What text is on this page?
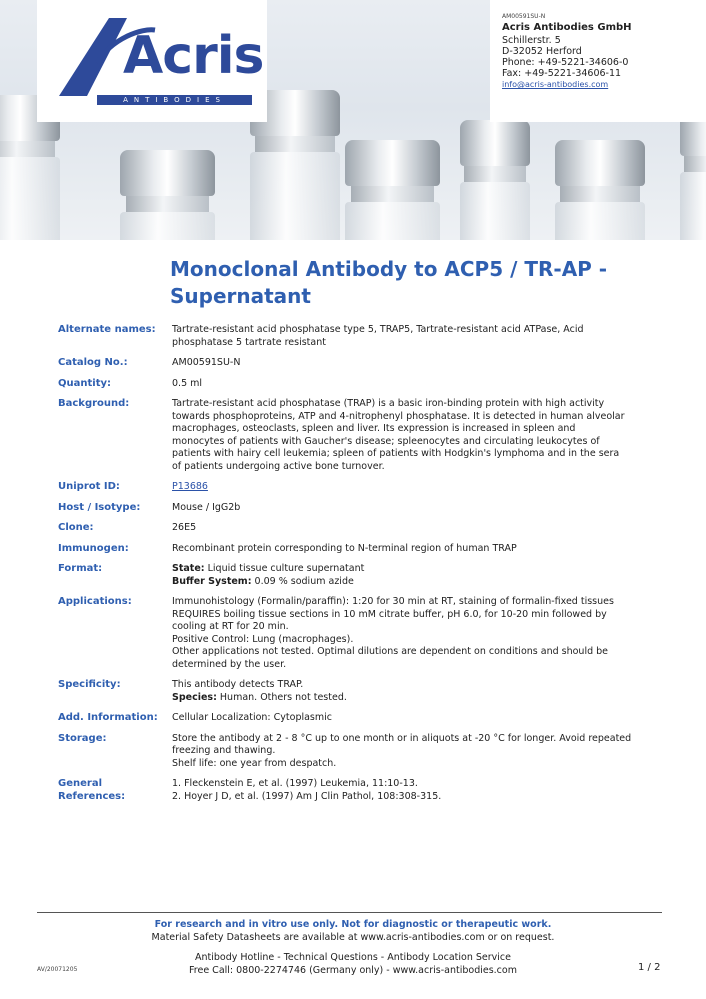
Acris
ANTIBODIES
AM00591SU-N
Acris Antibodies GmbH
Schillerstr. 5
D-32052 Herford
Phone: +49-5221-34606-0
Fax: +49-5221-34606-11
info@acris-antibodies.com
Monoclonal Antibody to ACP5 / TR-AP - Supernatant
Alternate names:	Tartrate-resistant acid phosphatase type 5, TRAP5, Tartrate-resistant acid ATPase, Acid
phosphatase 5 tartrate resistant
Catalog No.:	AM00591SU-N
Quantity:	0.5 ml
Background:	Tartrate-resistant acid phosphatase (TRAP) is a basic iron-binding protein with high activity
towards phosphoproteins, ATP and 4-nitrophenyl phosphatase. It is detected in human alveolar
macrophages, osteoclasts, spleen and liver. Its expression is increased in spleen and
monocytes of patients with Gaucher's disease; spleenocytes and circulating leukocytes of
patients with hairy cell leukemia; spleen of patients with Hodgkin's lymphoma and in the sera
of patients undergoing active bone turnover.
Uniprot ID:	P13686
Host / Isotype:	Mouse / IgG2b
Clone:	26E5
Immunogen:	Recombinant protein corresponding to N-terminal region of human TRAP
Format:	State: Liquid tissue culture supernatant
Buffer System: 0.09 % sodium azide
Applications:	Immunohistology (Formalin/paraffin): 1:20 for 30 min at RT, staining of formalin-fixed tissues
REQUIRES boiling tissue sections in 10 mM citrate buffer, pH 6.0, for 10-20 min followed by
cooling at RT for 20 min.
Positive Control: Lung (macrophages).
Other applications not tested. Optimal dilutions are dependent on conditions and should be
determined by the user.
Specificity:	This antibody detects TRAP.
Species: Human. Others not tested.
Add. Information:	Cellular Localization: Cytoplasmic
Storage:	Store the antibody at 2 - 8 °C up to one month or in aliquots at -20 °C for longer. Avoid repeated
freezing and thawing.
Shelf life: one year from despatch.
General
References:
1. Fleckenstein E, et al. (1997) Leukemia, 11:10-13.
2. Hoyer J D, et al. (1997) Am J Clin Pathol, 108:308-315.
For research and in vitro use only. Not for diagnostic or therapeutic work.
Material Safety Datasheets are available at www.acris-antibodies.com or on request.
Antibody Hotline - Technical Questions - Antibody Location Service
Free Call: 0800-2274746 (Germany only) - www.acris-antibodies.com
AV/20071205	1 / 2
